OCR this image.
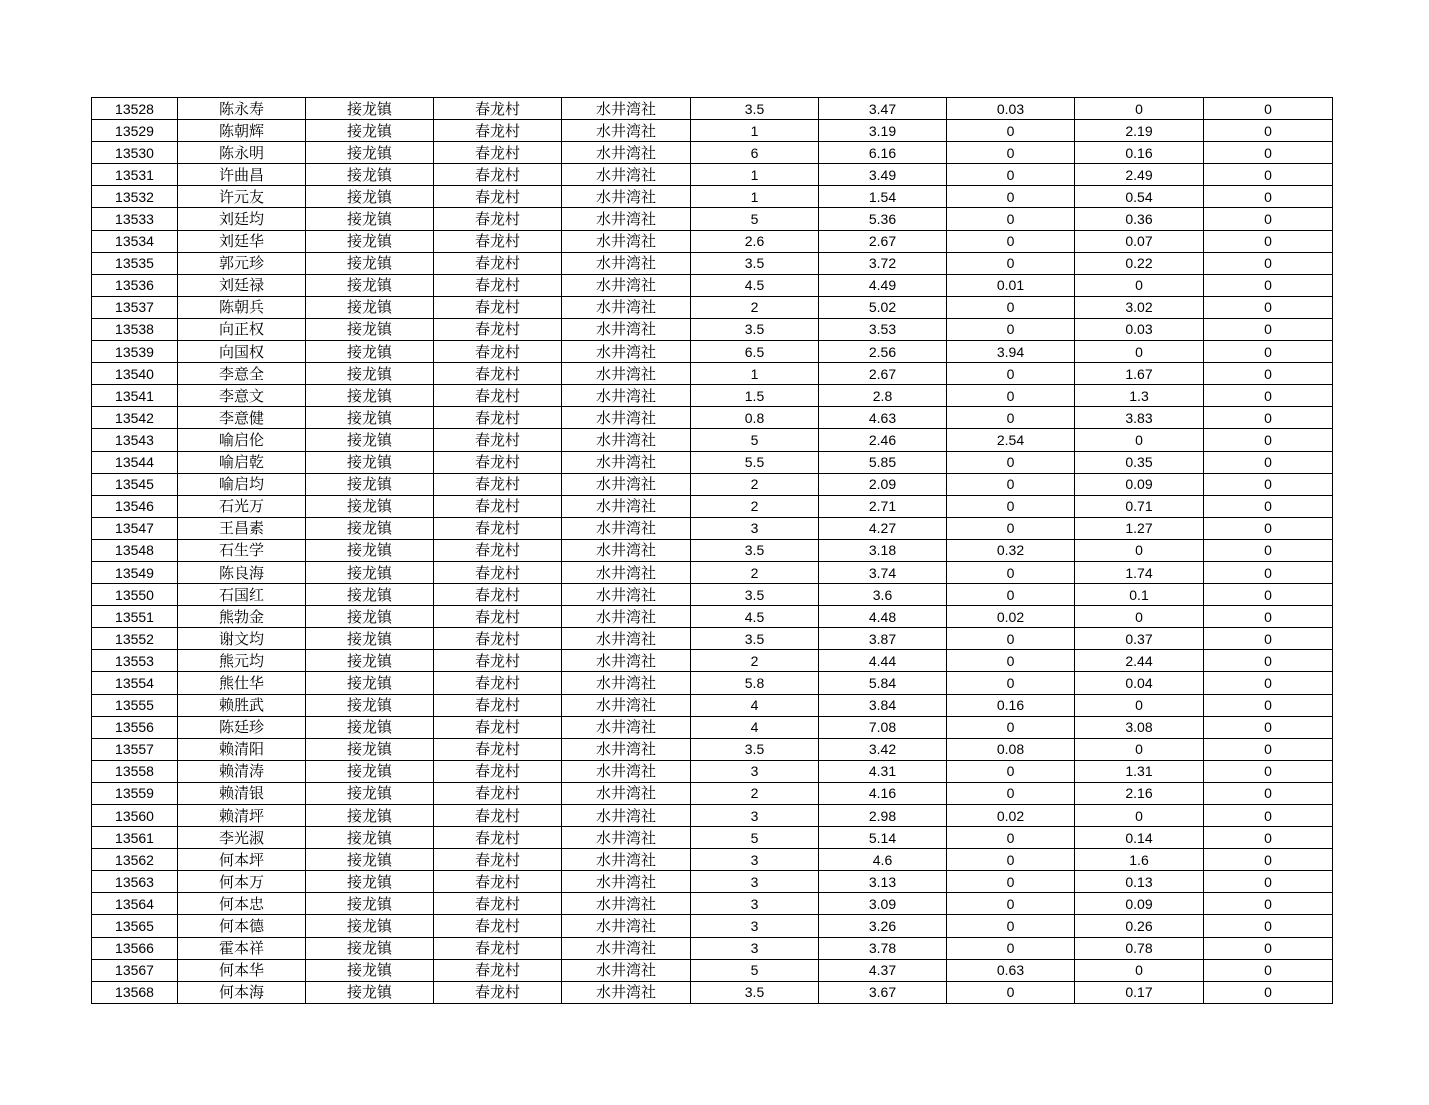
13528	陈永寿	接龙镇	春龙村	水井湾社	3.5	3.47	0.03	0	0
13529	陈朝辉	接龙镇	春龙村	水井湾社	1	3.19	0	2.19	0
13530	陈永明	接龙镇	春龙村	水井湾社	6	6.16	0	0.16	0
13531	许曲昌	接龙镇	春龙村	水井湾社	1	3.49	0	2.49	0
13532	许元友	接龙镇	春龙村	水井湾社	1	1.54	0	0.54	0
13533	刘廷均	接龙镇	春龙村	水井湾社	5	5.36	0	0.36	0
13534	刘廷华	接龙镇	春龙村	水井湾社	2.6	2.67	0	0.07	0
13535	郭元珍	接龙镇	春龙村	水井湾社	3.5	3.72	0	0.22	0
13536	刘廷禄	接龙镇	春龙村	水井湾社	4.5	4.49	0.01	0	0
13537	陈朝兵	接龙镇	春龙村	水井湾社	2	5.02	0	3.02	0
13538	向正权	接龙镇	春龙村	水井湾社	3.5	3.53	0	0.03	0
13539	向国权	接龙镇	春龙村	水井湾社	6.5	2.56	3.94	0	0
13540	李意全	接龙镇	春龙村	水井湾社	1	2.67	0	1.67	0
13541	李意文	接龙镇	春龙村	水井湾社	1.5	2.8	0	1.3	0
13542	李意健	接龙镇	春龙村	水井湾社	0.8	4.63	0	3.83	0
13543	喻启伦	接龙镇	春龙村	水井湾社	5	2.46	2.54	0	0
13544	喻启乾	接龙镇	春龙村	水井湾社	5.5	5.85	0	0.35	0
13545	喻启均	接龙镇	春龙村	水井湾社	2	2.09	0	0.09	0
13546	石光万	接龙镇	春龙村	水井湾社	2	2.71	0	0.71	0
13547	王昌素	接龙镇	春龙村	水井湾社	3	4.27	0	1.27	0
13548	石生学	接龙镇	春龙村	水井湾社	3.5	3.18	0.32	0	0
13549	陈良海	接龙镇	春龙村	水井湾社	2	3.74	0	1.74	0
13550	石国红	接龙镇	春龙村	水井湾社	3.5	3.6	0	0.1	0
13551	熊勃金	接龙镇	春龙村	水井湾社	4.5	4.48	0.02	0	0
13552	谢文均	接龙镇	春龙村	水井湾社	3.5	3.87	0	0.37	0
13553	熊元均	接龙镇	春龙村	水井湾社	2	4.44	0	2.44	0
13554	熊仕华	接龙镇	春龙村	水井湾社	5.8	5.84	0	0.04	0
13555	赖胜武	接龙镇	春龙村	水井湾社	4	3.84	0.16	0	0
13556	陈廷珍	接龙镇	春龙村	水井湾社	4	7.08	0	3.08	0
13557	赖清阳	接龙镇	春龙村	水井湾社	3.5	3.42	0.08	0	0
13558	赖清涛	接龙镇	春龙村	水井湾社	3	4.31	0	1.31	0
13559	赖清银	接龙镇	春龙村	水井湾社	2	4.16	0	2.16	0
13560	赖清坪	接龙镇	春龙村	水井湾社	3	2.98	0.02	0	0
13561	李光淑	接龙镇	春龙村	水井湾社	5	5.14	0	0.14	0
13562	何本坪	接龙镇	春龙村	水井湾社	3	4.6	0	1.6	0
13563	何本万	接龙镇	春龙村	水井湾社	3	3.13	0	0.13	0
13564	何本忠	接龙镇	春龙村	水井湾社	3	3.09	0	0.09	0
13565	何本德	接龙镇	春龙村	水井湾社	3	3.26	0	0.26	0
13566	霍本祥	接龙镇	春龙村	水井湾社	3	3.78	0	0.78	0
13567	何本华	接龙镇	春龙村	水井湾社	5	4.37	0.63	0	0
13568	何本海	接龙镇	春龙村	水井湾社	3.5	3.67	0	0.17	0
